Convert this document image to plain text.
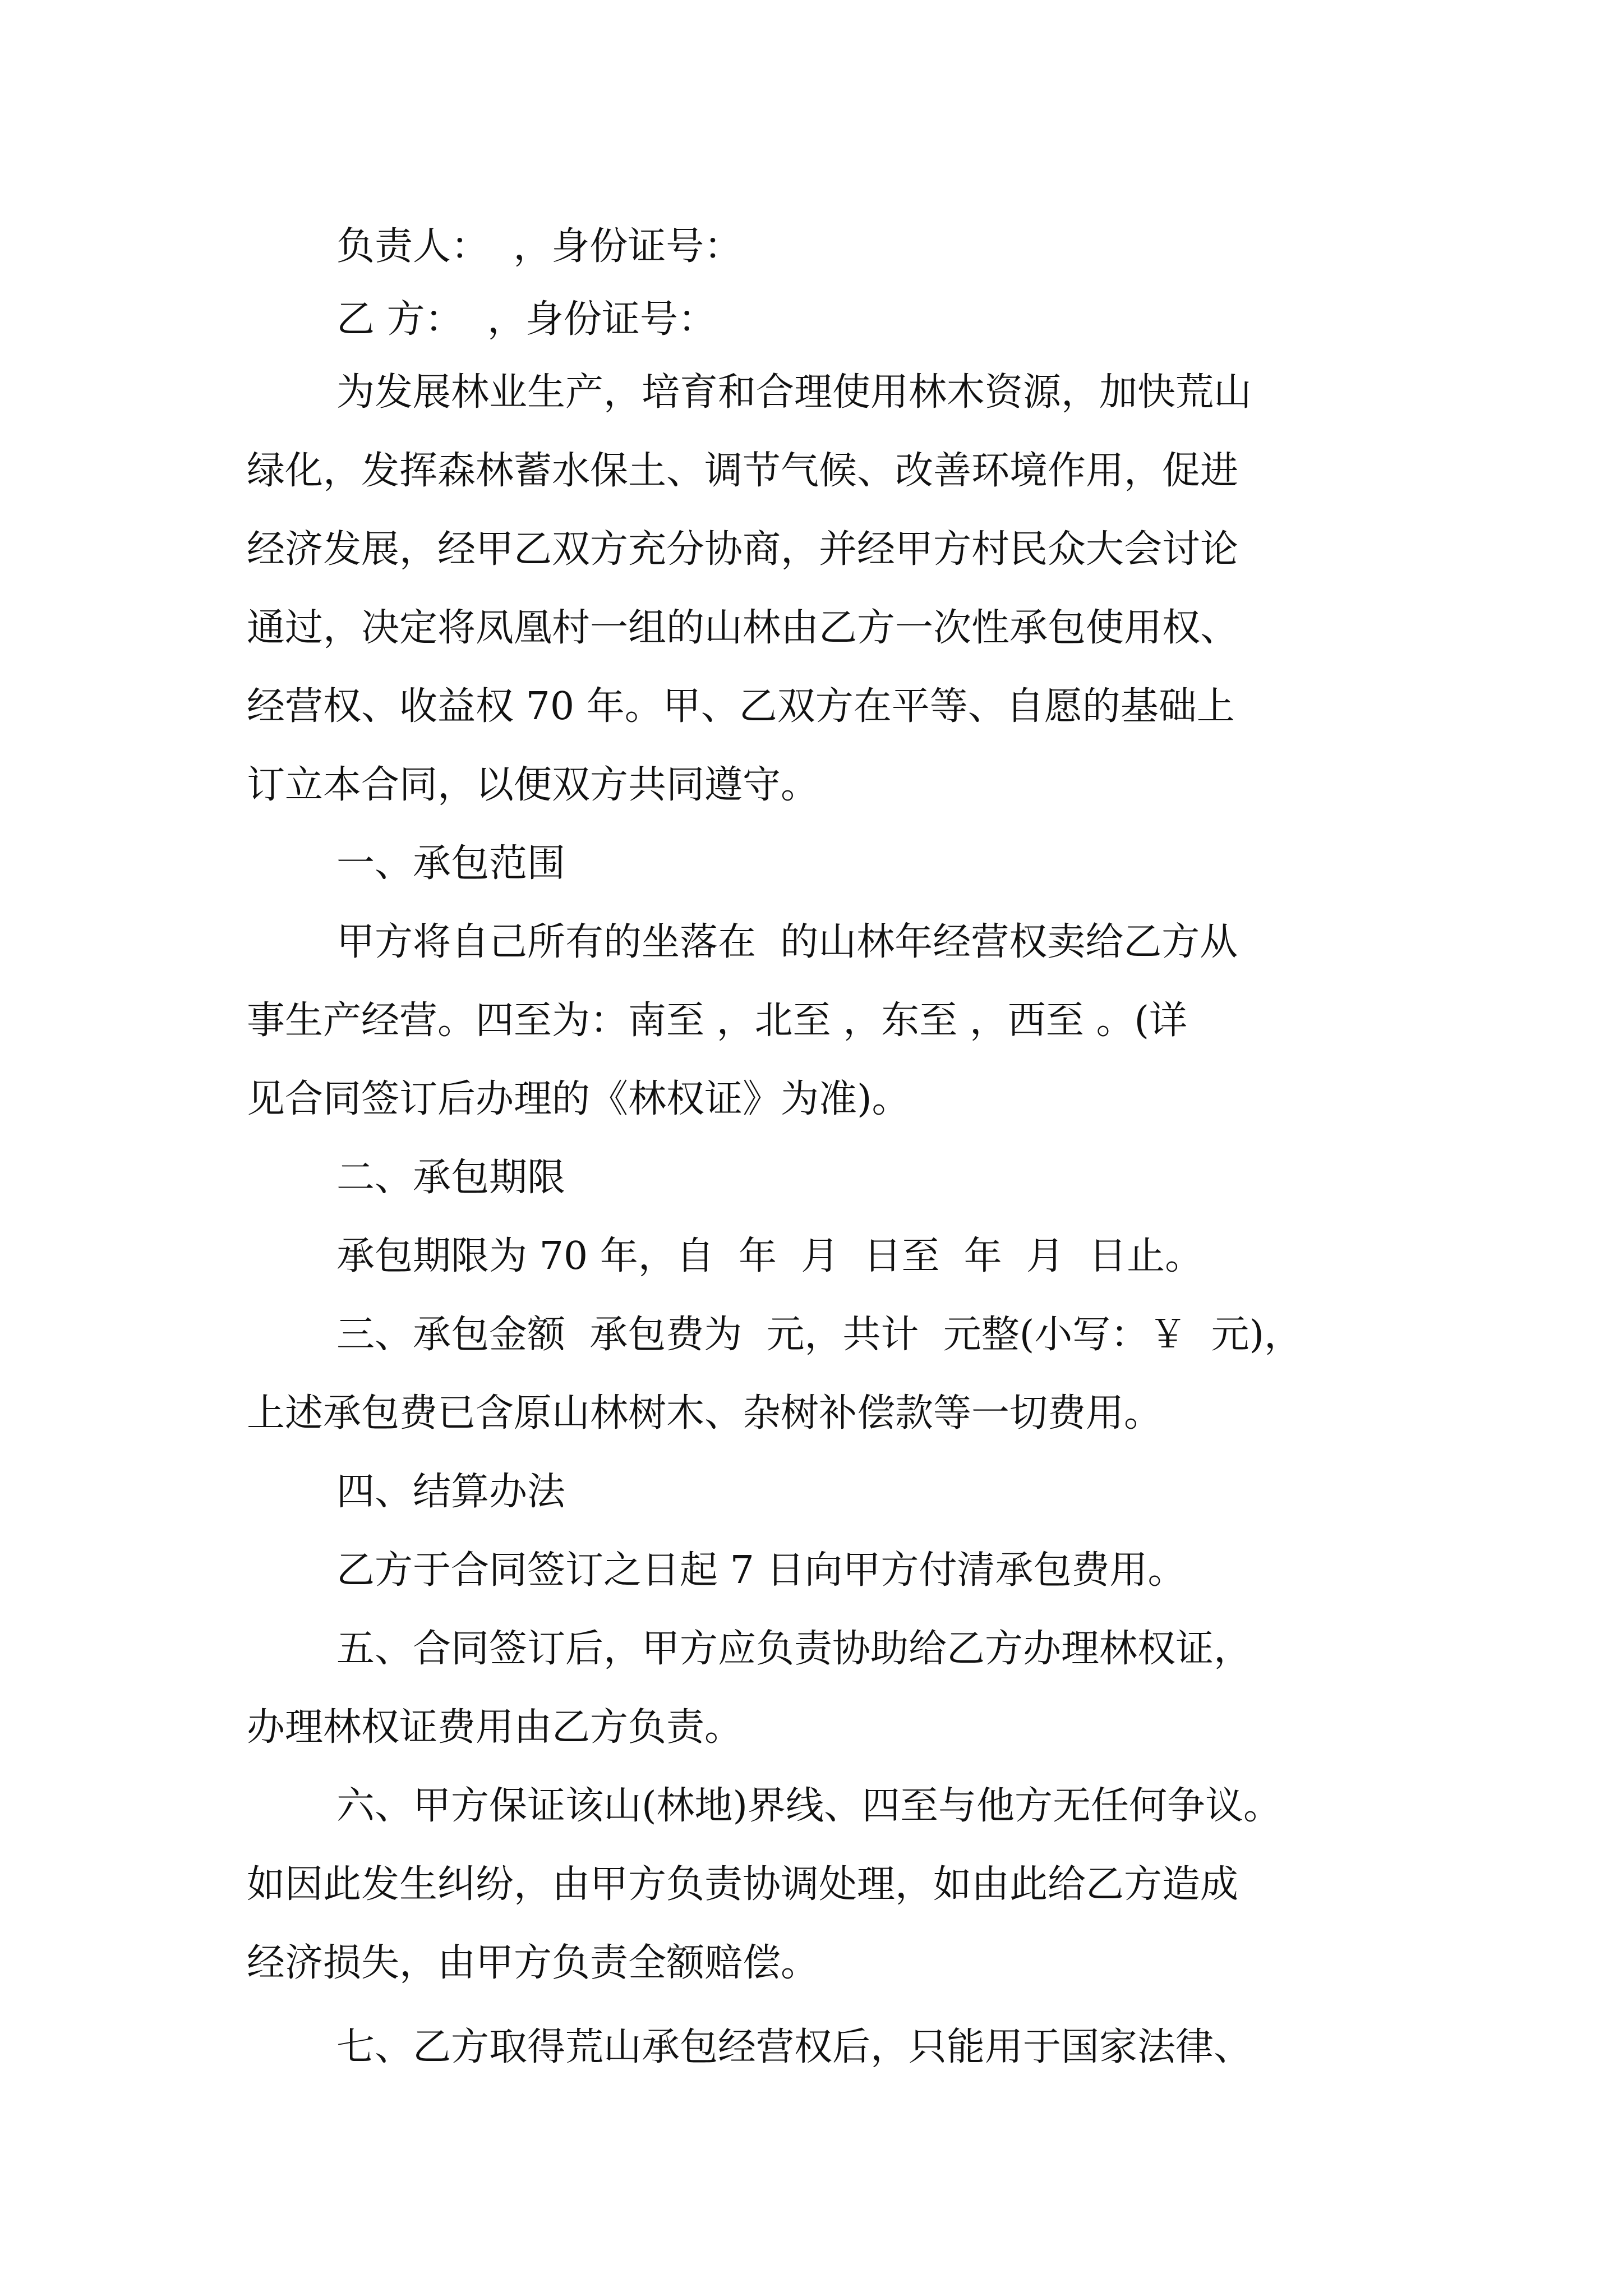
负责人：  ，身份证号：
乙 方：  ，身份证号：
为发展林业生产，培育和合理使用林木资源，加快荒山
绿化，发挥森林蓄水保土、调节气候、改善环境作用，促进
经济发展，经甲乙双方充分协商，并经甲方村民众大会讨论
通过，决定将凤凰村一组的山林由乙方一次性承包使用权、
经营权、收益权 70 年。甲、乙双方在平等、自愿的基础上
订立本合同，以便双方共同遵守。
一、承包范围
甲方将自己所有的坐落在  的山林年经营权卖给乙方从
事生产经营。四至为：南至 ，北至 ，东至 ，西至 。(详
见合同签订后办理的《林权证》为准)。
二、承包期限
承包期限为 70 年，自  年  月  日至  年  月  日止。
三、承包金额  承包费为  元，共计  元整(小写：￥  元)，
上述承包费已含原山林树木、杂树补偿款等一切费用。
四、结算办法
乙方于合同签订之日起 7 日向甲方付清承包费用。
五、合同签订后，甲方应负责协助给乙方办理林权证，
办理林权证费用由乙方负责。
六、甲方保证该山(林地)界线、四至与他方无任何争议。
如因此发生纠纷，由甲方负责协调处理，如由此给乙方造成
经济损失，由甲方负责全额赔偿。
七、乙方取得荒山承包经营权后，只能用于国家法律、
